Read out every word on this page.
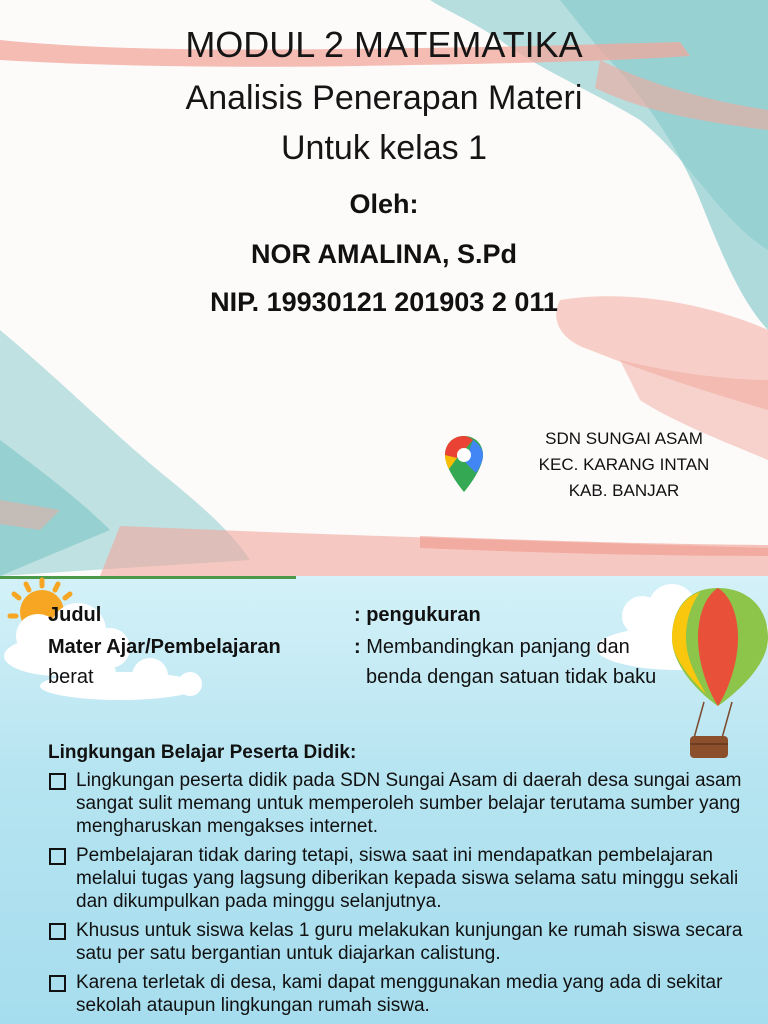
MODUL 2 MATEMATIKA
Analisis Penerapan Materi
Untuk kelas 1
Oleh:
NOR AMALINA, S.Pd
NIP. 19930121 201903 2 011
SDN SUNGAI ASAM
KEC. KARANG INTAN
KAB. BANJAR
Judul	: pengukuran
Mater Ajar/Pembelajaran	: Membandingkan panjang dan
berat	benda dengan satuan tidak baku
Lingkungan Belajar Peserta Didik:
Lingkungan peserta didik pada SDN Sungai Asam di daerah desa sungai asam sangat sulit memang untuk memperoleh sumber belajar terutama sumber yang mengharuskan mengakses internet.
Pembelajaran tidak daring tetapi, siswa saat ini mendapatkan pembelajaran melalui tugas yang lagsung diberikan kepada siswa selama satu minggu sekali dan dikumpulkan pada minggu selanjutnya.
Khusus untuk siswa kelas 1 guru melakukan kunjungan ke rumah siswa secara satu per satu bergantian untuk diajarkan calistung.
Karena terletak di desa, kami dapat menggunakan media yang ada di sekitar sekolah ataupun lingkungan rumah siswa.
